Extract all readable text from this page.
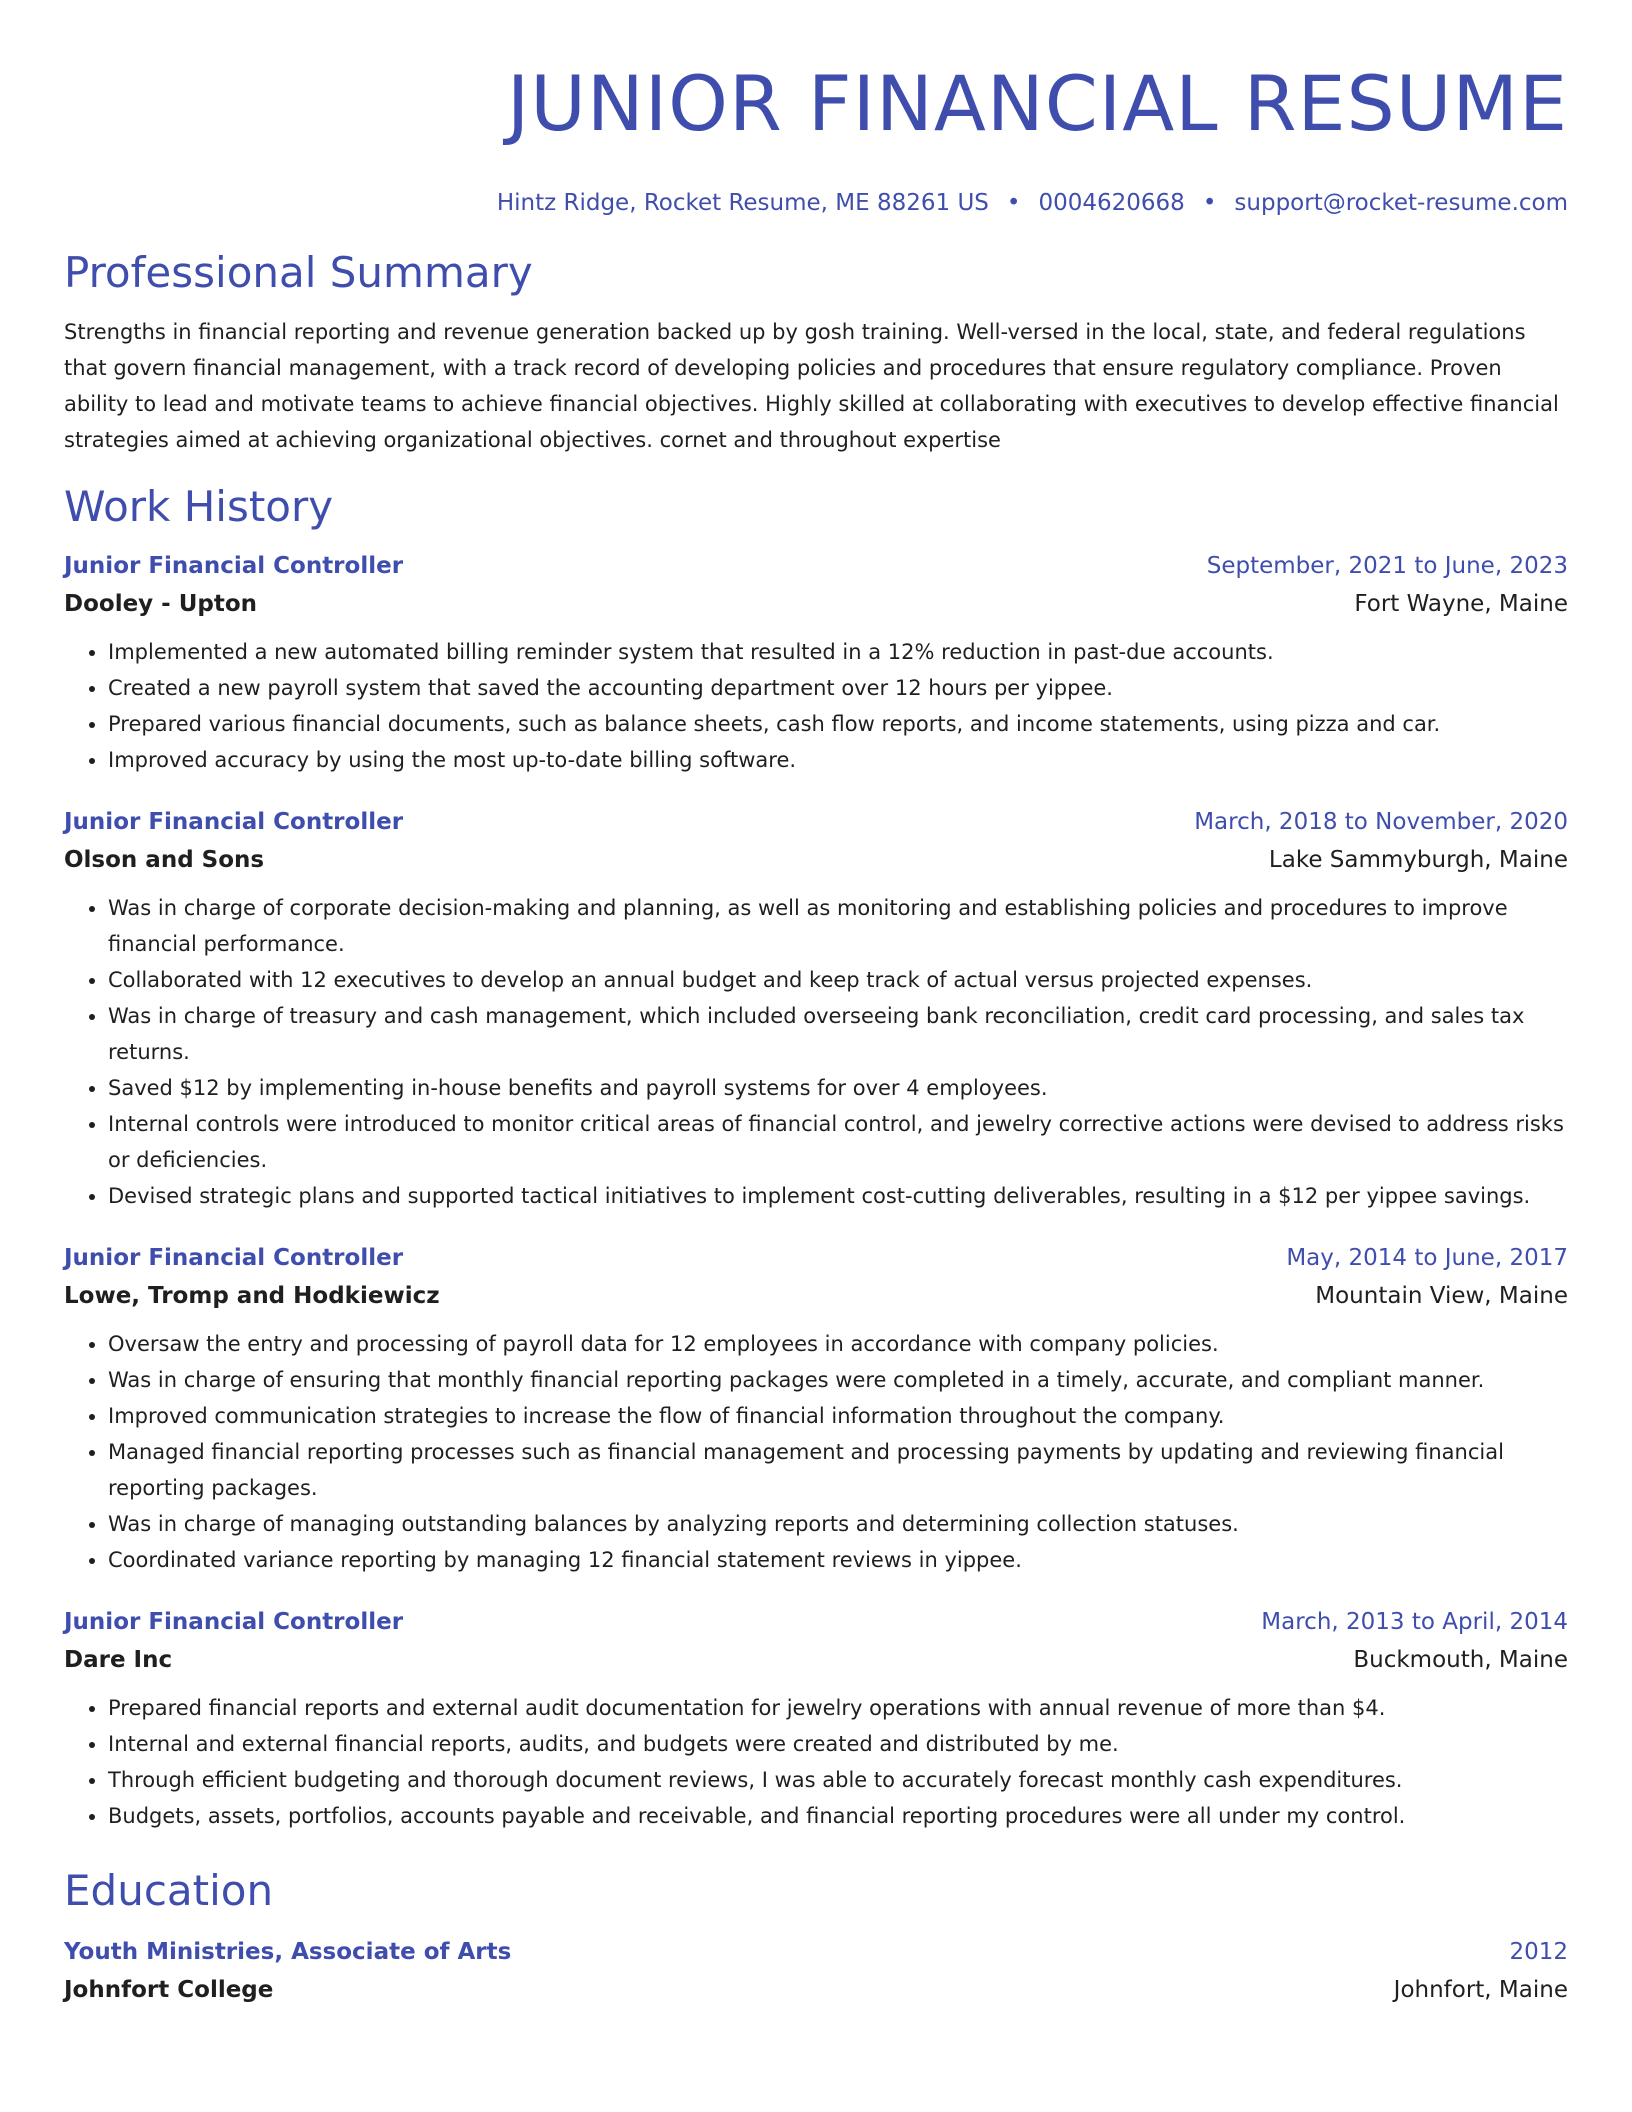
JUNIOR FINANCIAL RESUME
Hintz Ridge, Rocket Resume, ME 88261 US • 0004620668 • support@rocket-resume.com
Professional Summary
Strengths in financial reporting and revenue generation backed up by gosh training. Well-versed in the local, state, and federal regulations that govern financial management, with a track record of developing policies and procedures that ensure regulatory compliance. Proven ability to lead and motivate teams to achieve financial objectives. Highly skilled at collaborating with executives to develop effective financial strategies aimed at achieving organizational objectives. cornet and throughout expertise
Work History
Junior Financial Controller	September, 2021 to June, 2023
Dooley - Upton	Fort Wayne, Maine
• Implemented a new automated billing reminder system that resulted in a 12% reduction in past-due accounts.
• Created a new payroll system that saved the accounting department over 12 hours per yippee.
• Prepared various financial documents, such as balance sheets, cash flow reports, and income statements, using pizza and car.
• Improved accuracy by using the most up-to-date billing software.
Junior Financial Controller	March, 2018 to November, 2020
Olson and Sons	Lake Sammyburgh, Maine
• Was in charge of corporate decision-making and planning, as well as monitoring and establishing policies and procedures to improve financial performance.
• Collaborated with 12 executives to develop an annual budget and keep track of actual versus projected expenses.
• Was in charge of treasury and cash management, which included overseeing bank reconciliation, credit card processing, and sales tax returns.
• Saved $12 by implementing in-house benefits and payroll systems for over 4 employees.
• Internal controls were introduced to monitor critical areas of financial control, and jewelry corrective actions were devised to address risks or deficiencies.
• Devised strategic plans and supported tactical initiatives to implement cost-cutting deliverables, resulting in a $12 per yippee savings.
Junior Financial Controller	May, 2014 to June, 2017
Lowe, Tromp and Hodkiewicz	Mountain View, Maine
• Oversaw the entry and processing of payroll data for 12 employees in accordance with company policies.
• Was in charge of ensuring that monthly financial reporting packages were completed in a timely, accurate, and compliant manner.
• Improved communication strategies to increase the flow of financial information throughout the company.
• Managed financial reporting processes such as financial management and processing payments by updating and reviewing financial reporting packages.
• Was in charge of managing outstanding balances by analyzing reports and determining collection statuses.
• Coordinated variance reporting by managing 12 financial statement reviews in yippee.
Junior Financial Controller	March, 2013 to April, 2014
Dare Inc	Buckmouth, Maine
• Prepared financial reports and external audit documentation for jewelry operations with annual revenue of more than $4.
• Internal and external financial reports, audits, and budgets were created and distributed by me.
• Through efficient budgeting and thorough document reviews, I was able to accurately forecast monthly cash expenditures.
• Budgets, assets, portfolios, accounts payable and receivable, and financial reporting procedures were all under my control.
Education
Youth Ministries, Associate of Arts	2012
Johnfort College	Johnfort, Maine
